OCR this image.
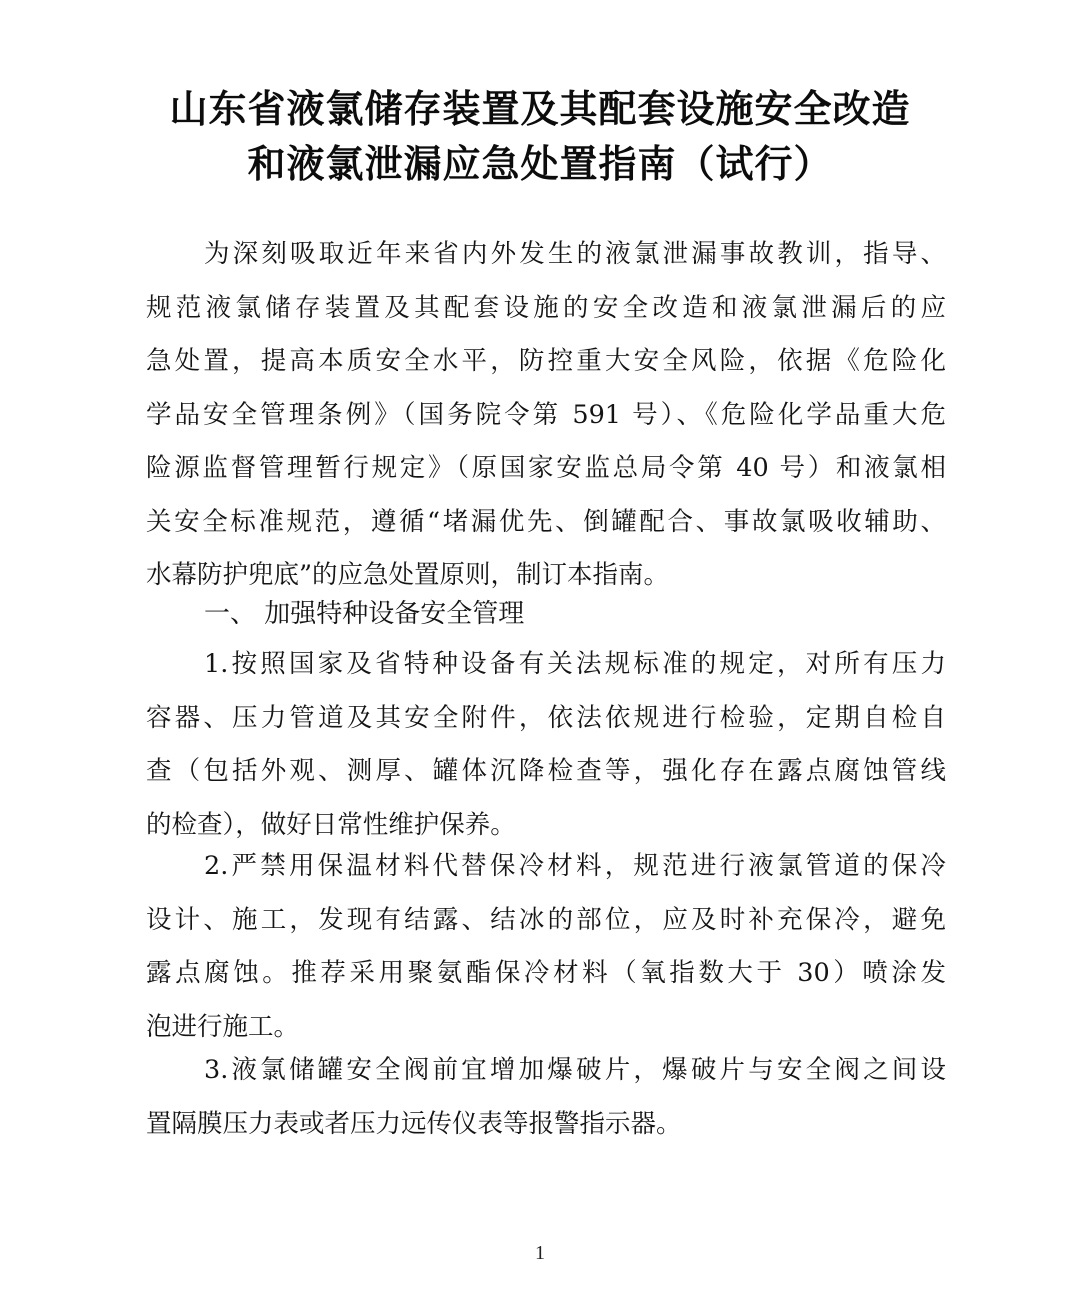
山东省液氯储存装置及其配套设施安全改造
和液氯泄漏应急处置指南（试行）
为深刻吸取近年来省内外发生的液氯泄漏事故教训，指导、
规范液氯储存装置及其配套设施的安全改造和液氯泄漏后的应
急处置，提高本质安全水平，防控重大安全风险，依据《危险化
学品安全管理条例》（国务院令第 591 号）、《危险化学品重大危
险源监督管理暂行规定》（原国家安监总局令第 40 号）和液氯相
关安全标准规范，遵循“堵漏优先、倒罐配合、事故氯吸收辅助、
水幕防护兜底”的应急处置原则，制订本指南。
一、 加强特种设备安全管理
1.按照国家及省特种设备有关法规标准的规定，对所有压力
容器、压力管道及其安全附件，依法依规进行检验，定期自检自
查（包括外观、测厚、罐体沉降检查等，强化存在露点腐蚀管线
的检查），做好日常性维护保养。
2.严禁用保温材料代替保冷材料，规范进行液氯管道的保冷
设计、施工，发现有结露、结冰的部位，应及时补充保冷，避免
露点腐蚀。推荐采用聚氨酯保冷材料（氧指数大于 30）喷涂发
泡进行施工。
3.液氯储罐安全阀前宜增加爆破片，爆破片与安全阀之间设
置隔膜压力表或者压力远传仪表等报警指示器。
1
